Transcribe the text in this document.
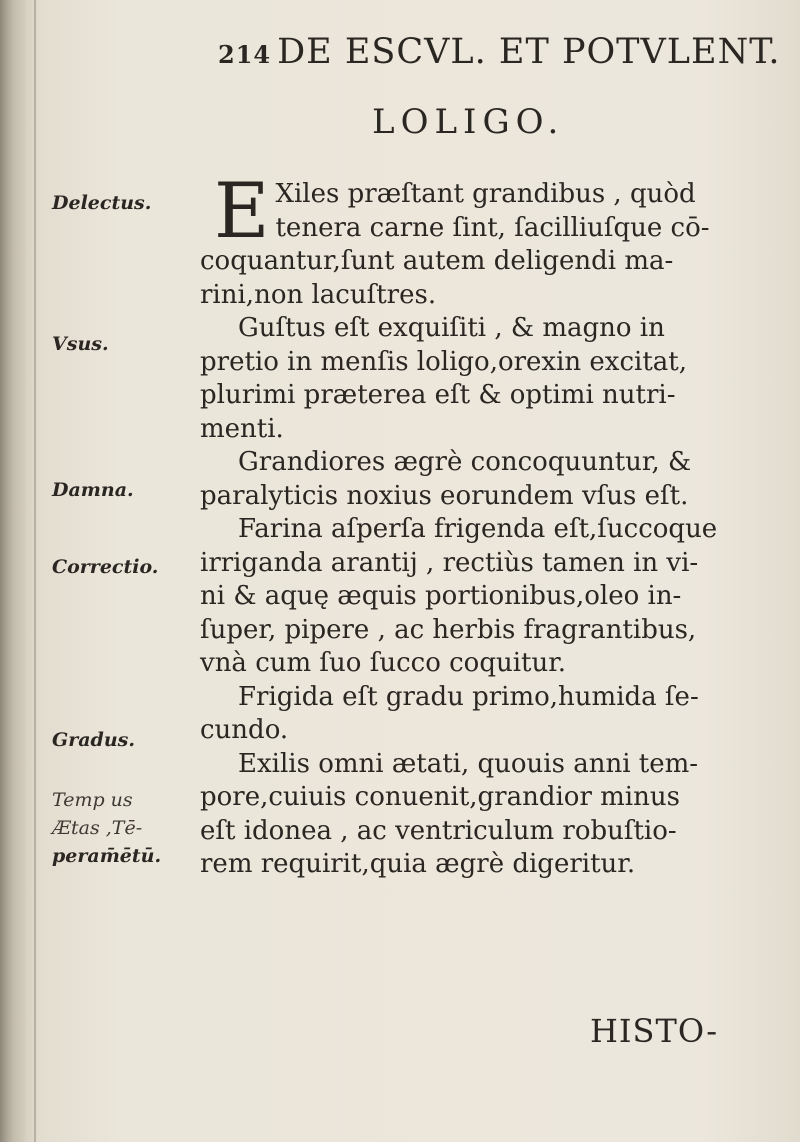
214 DE ESCVL. ET POTVLENT.
LOLIGO.
Delectus.
Vsus.
Damna.
Correctio.
Gradus.
Temp us
Ætas ,Tē-
peram̄ētū.
E Xiles præſtant grandibus , quòd
tenera carne ſint, ſacilliuſque cō-
coquantur,ſunt autem deligendi ma-
rini,non lacuſtres.
Guſtus eſt exquiſiti , & magno in
pretio in menſis loligo,orexin excitat,
plurimi præterea eſt & optimi nutri-
menti.
Grandiores ægrè concoquuntur, &
paralyticis noxius eorundem vſus eſt.
Farina aſperſa frigenda eſt,ſuccoque
irriganda arantij , rectiùs tamen in vi-
ni & aquę æquis portionibus,oleo in-
ſuper, pipere , ac herbis fragrantibus,
vnà cum ſuo ſucco coquitur.
Frigida eſt gradu primo,humida ſe-
cundo.
Exilis omni ætati, quouis anni tem-
pore,cuiuis conuenit,grandior minus
eſt idonea , ac ventriculum robuſtio-
rem requirit,quia ægrè digeritur.
HISTO-
